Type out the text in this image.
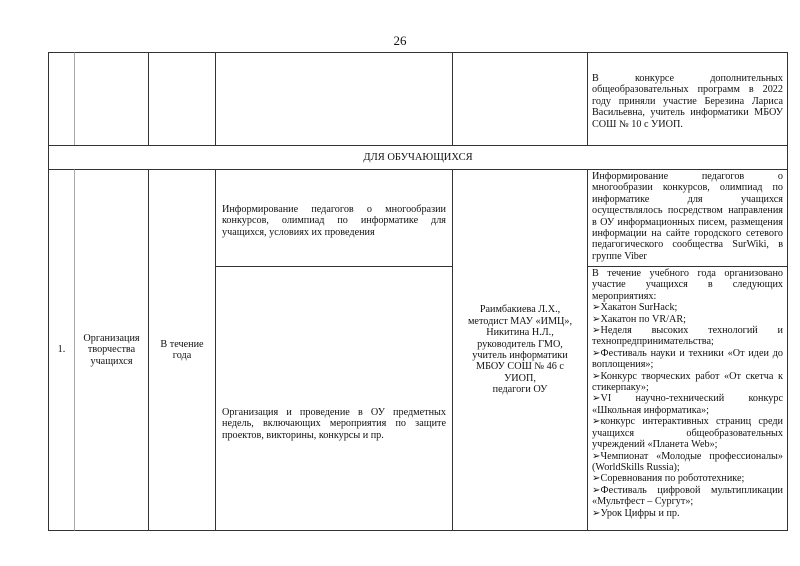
26
В конкурсе дополнительных общеобразовательных программ в 2022 году приняли участие Березина Лариса Васильевна, учитель информатики МБОУ СОШ № 10 с УИОП.
ДЛЯ ОБУЧАЮЩИХСЯ
1.
Организация творчества учащихся
В течение года
Информирование педагогов о многообразии конкурсов, олимпиад по информатике для учащихся, условиях их проведения
Организация и проведение в ОУ предметных недель, включающих мероприятия по защите проектов, викторины, конкурсы и пр.
Раимбакиева Л.Х.,
методист МАУ «ИМЦ»,
Никитина Н.Л.,
руководитель ГМО,
учитель информатики
МБОУ СОШ № 46 с
УИОП,
педагоги ОУ
Информирование педагогов о многообразии конкурсов, олимпиад по информатике для учащихся осуществлялось посредством направления в ОУ информационных писем, размещения информации на сайте городского сетевого педагогического сообщества SurWiki, в группе Viber
В течение учебного года организовано участие учащихся в следующих мероприятиях:
➢Хакатон SurHack;
➢Хакатон по VR/AR;
➢Неделя высоких технологий и технопредпринимательства;
➢Фестиваль науки и техники «От идеи до воплощения»;
➢Конкурс творческих работ «От скетча к стикерпаку»;
➢VI научно-технический конкурс «Школьная информатика»;
➢конкурс интерактивных страниц среди учащихся общеобразовательных учреждений «Планета Web»;
➢Чемпионат «Молодые профессионалы» (WorldSkills Russia);
➢Соревнования по робототехнике;
➢Фестиваль цифровой мультипликации «Мультфест – Сургут»;
➢Урок Цифры и пр.
